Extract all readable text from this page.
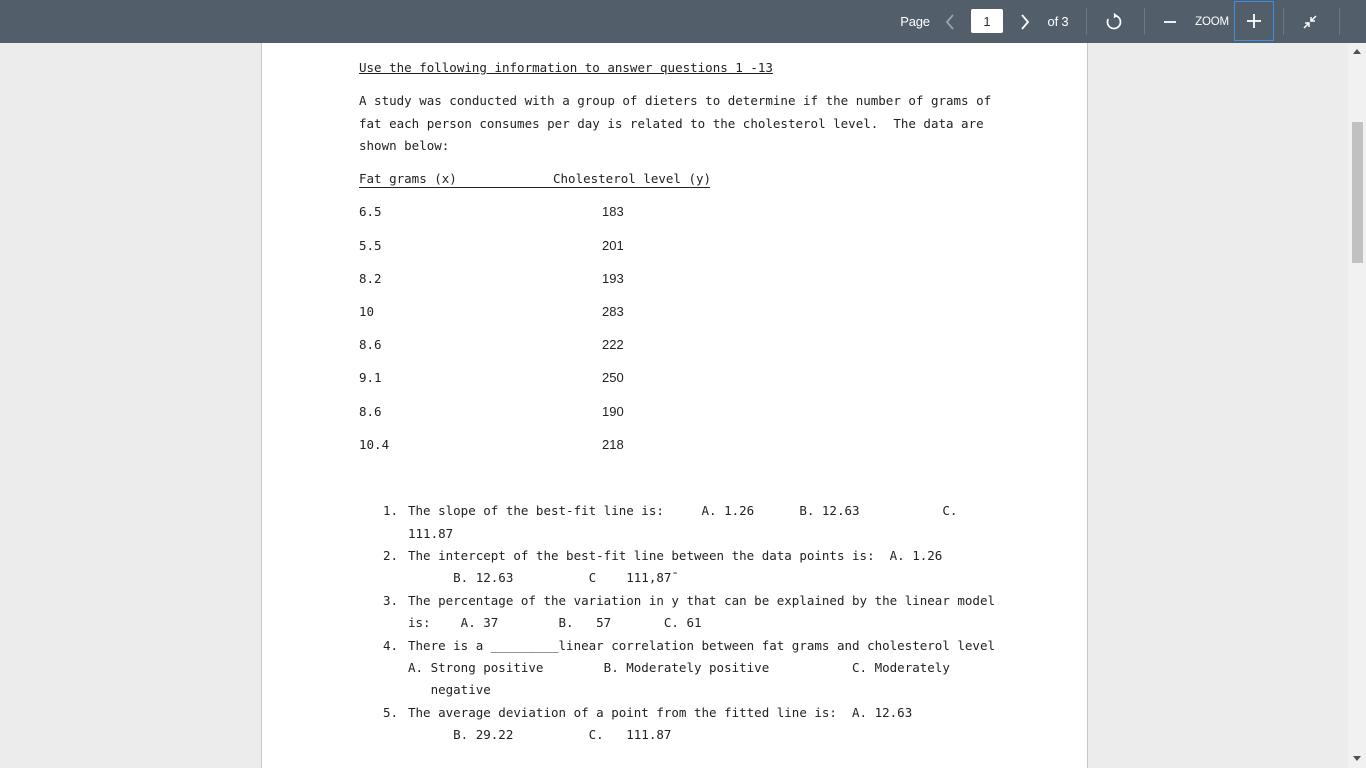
Page	1	of 3	ZOOM
Use the following information to answer questions 1 -13
A study was conducted with a group of dieters to determine if the number of grams of
fat each person consumes per day is related to the cholesterol level.  The data are
shown below:
Fat grams (x)	Cholesterol level (y)
6.5	183
5.5	201
8.2	193
10	283
8.6	222
9.1	250
8.6	190
10.4	218
1. The slope of the best-fit line is:     A. 1.26      B. 12.63           C.
111.87
2. The intercept of the best-fit line between the data points is:  A. 1.26
B. 12.63          C    111,87ˉ
3. The percentage of the variation in y that can be explained by the linear model
is:    A. 37        B.   57       C. 61
4. There is a _________linear correlation between fat grams and cholesterol level
A. Strong positive        B. Moderately positive           C. Moderately
negative
5. The average deviation of a point from the fitted line is:  A. 12.63
B. 29.22          C.   111.87
